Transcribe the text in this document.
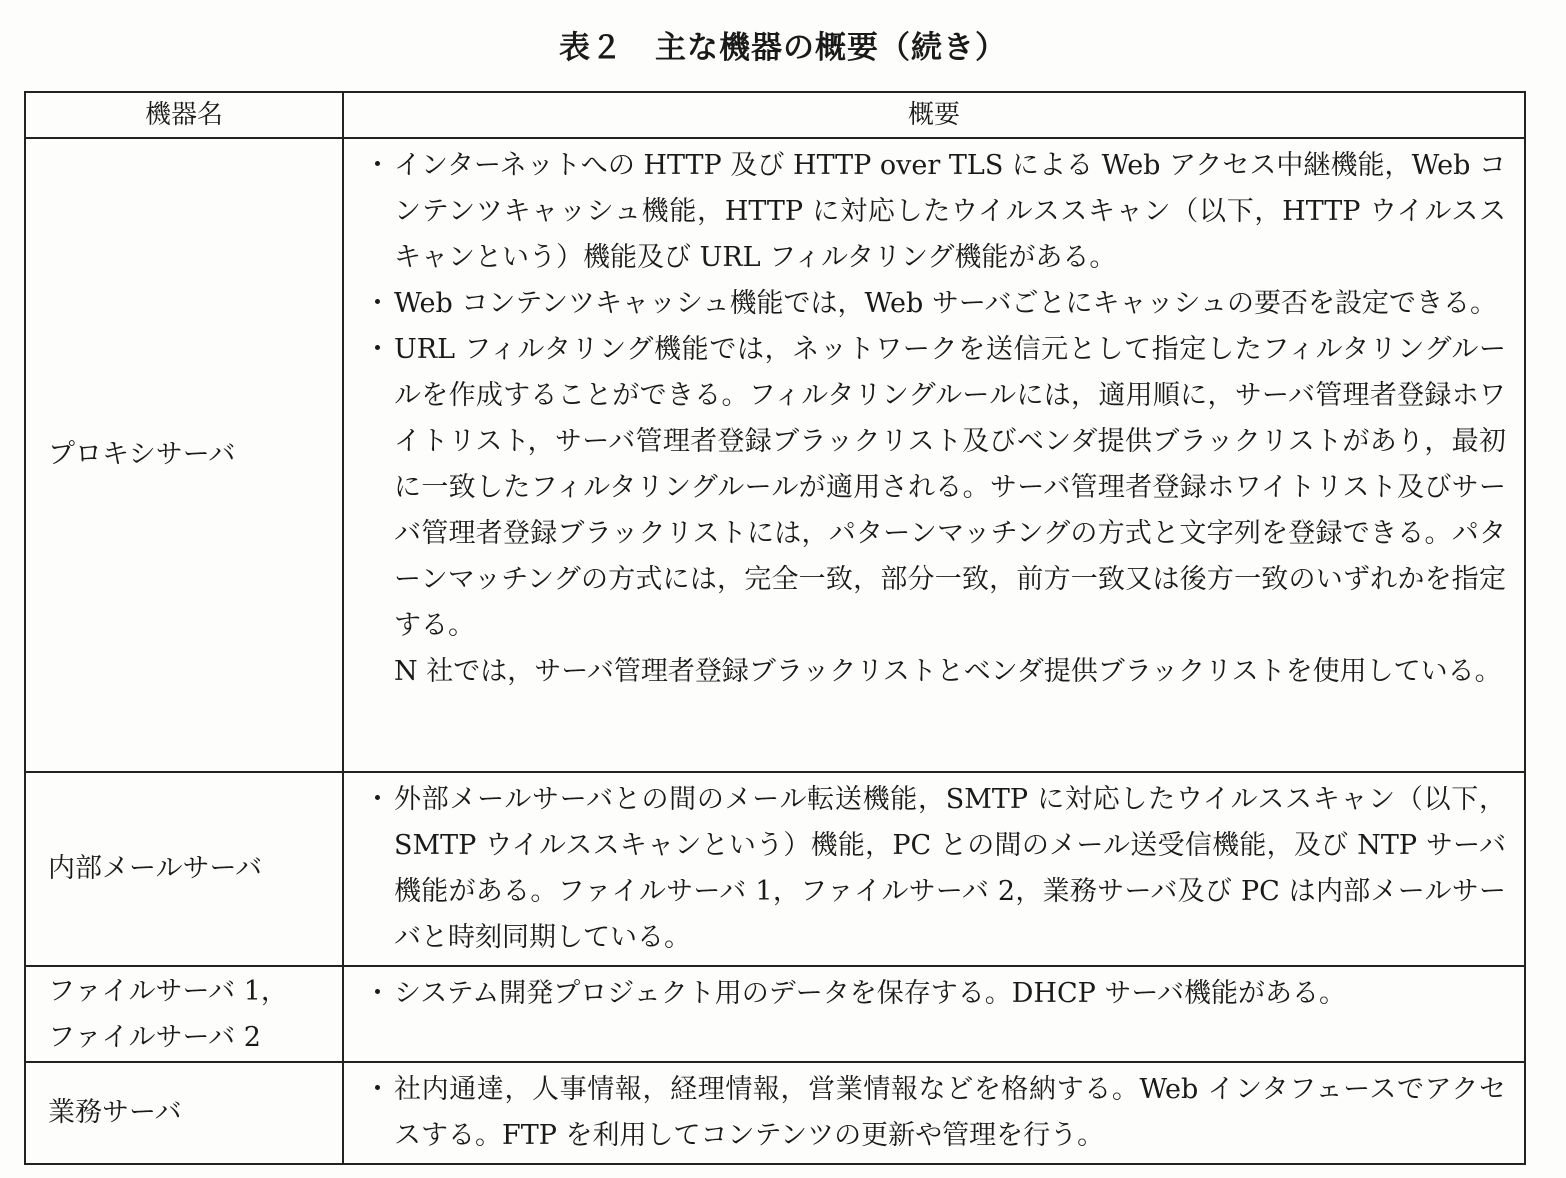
表２　主な機器の概要（続き）
機器名	概要
プロキシサーバ	・ インターネットへの HTTP 及び HTTP over TLS による Web アクセス中継機能，Web コンテンツキャッシュ機能，HTTP に対応したウイルススキャン（以下，HTTP ウイルススキャンという）機能及び URL フィルタリング機能がある。
・ Web コンテンツキャッシュ機能では，Web サーバごとにキャッシュの要否を設定できる。
・ URL フィルタリング機能では，ネットワークを送信元として指定したフィルタリングルールを作成することができる。フィルタリングルールには，適用順に，サーバ管理者登録ホワイトリスト，サーバ管理者登録ブラックリスト及びベンダ提供ブラックリストがあり，最初に一致したフィルタリングルールが適用される。サーバ管理者登録ホワイトリスト及びサーバ管理者登録ブラックリストには，パターンマッチングの方式と文字列を登録できる。パターンマッチングの方式には，完全一致，部分一致，前方一致又は後方一致のいずれかを指定する。
N 社では，サーバ管理者登録ブラックリストとベンダ提供ブラックリストを使用している。

内部メールサーバ	・ 外部メールサーバとの間のメール転送機能，SMTP に対応したウイルススキャン（以下，SMTP ウイルススキャンという）機能，PC との間のメール送受信機能，及び NTP サーバ機能がある。ファイルサーバ 1，ファイルサーバ 2，業務サーバ及び PC は内部メールサーバと時刻同期している。

ファイルサーバ 1，
ファイルサーバ 2	・ システム開発プロジェクト用のデータを保存する。DHCP サーバ機能がある。

業務サーバ	・ 社内通達，人事情報，経理情報，営業情報などを格納する。Web インタフェースでアクセスする。FTP を利用してコンテンツの更新や管理を行う。
